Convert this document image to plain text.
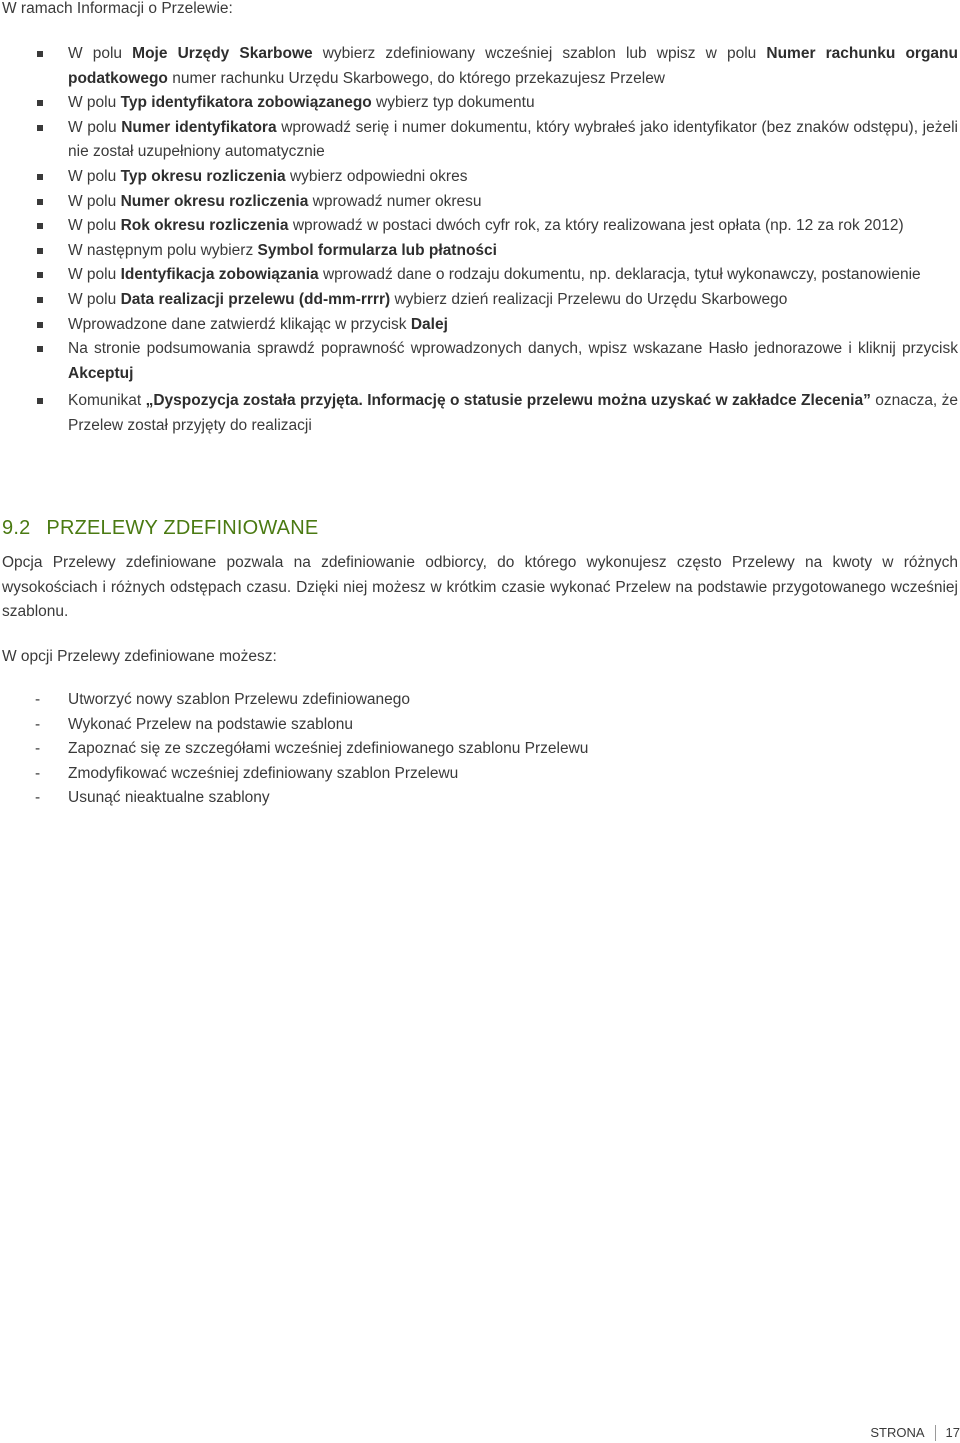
W ramach Informacji o Przelewie:
W polu Moje Urzędy Skarbowe wybierz zdefiniowany wcześniej szablon lub wpisz w polu Numer rachunku organu podatkowego numer rachunku Urzędu Skarbowego, do którego przekazujesz Przelew
W polu Typ identyfikatora zobowiązanego wybierz typ dokumentu
W polu Numer identyfikatora wprowadź serię i numer dokumentu, który wybrałeś jako identyfikator (bez znaków odstępu), jeżeli nie został uzupełniony automatycznie
W polu Typ okresu rozliczenia wybierz odpowiedni okres
W polu Numer okresu rozliczenia wprowadź numer okresu
W polu Rok okresu rozliczenia wprowadź w postaci dwóch cyfr rok, za który realizowana jest opłata (np. 12 za rok 2012)
W następnym polu wybierz Symbol formularza lub płatności
W polu Identyfikacja zobowiązania wprowadź dane o rodzaju dokumentu, np. deklaracja, tytuł wykonawczy, postanowienie
W polu Data realizacji przelewu (dd-mm-rrrr) wybierz dzień realizacji Przelewu do Urzędu Skarbowego
Wprowadzone dane zatwierdź klikając w przycisk Dalej
Na stronie podsumowania sprawdź poprawność wprowadzonych danych, wpisz wskazane Hasło jednorazowe i kliknij przycisk Akceptuj
Komunikat „Dyspozycja została przyjęta. Informację o statusie przelewu można uzyskać w zakładce Zlecenia” oznacza, że Przelew został przyjęty do realizacji
9.2 PRZELEWY ZDEFINIOWANE

Opcja Przelewy zdefiniowane pozwala na zdefiniowanie odbiorcy, do którego wykonujesz często Przelewy na kwoty w różnych wysokościach i różnych odstępach czasu. Dzięki niej możesz w krótkim czasie wykonać Przelew na podstawie przygotowanego wcześniej szablonu.

W opcji Przelewy zdefiniowane możesz:

- Utworzyć nowy szablon Przelewu zdefiniowanego
- Wykonać Przelew na podstawie szablonu
- Zapoznać się ze szczegółami wcześniej zdefiniowanego szablonu Przelewu
- Zmodyfikować wcześniej zdefiniowany szablon Przelewu
- Usunąć nieaktualne szablony
STRONA 17
